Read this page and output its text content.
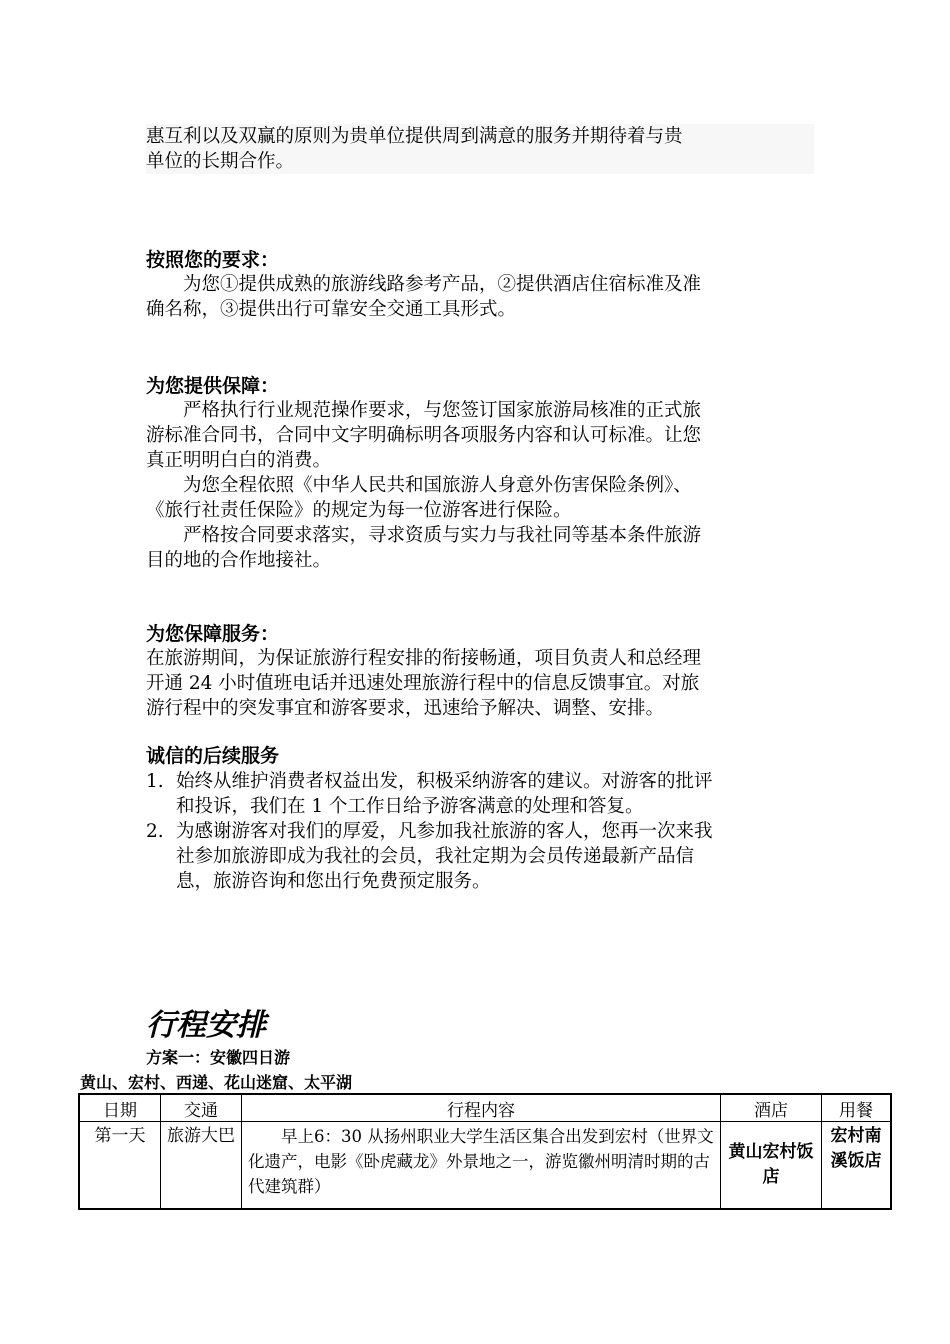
惠互利以及双赢的原则为贵单位提供周到满意的服务并期待着与贵
单位的长期合作。

按照您的要求：

为您①提供成熟的旅游线路参考产品，②提供酒店住宿标准及准
确名称，③提供出行可靠安全交通工具形式。

为您提供保障：

严格执行行业规范操作要求，与您签订国家旅游局核准的正式旅
游标准合同书，合同中文字明确标明各项服务内容和认可标准。让您
真正明明白白的消费。

为您全程依照《中华人民共和国旅游人身意外伤害保险条例》、
《旅行社责任保险》的规定为每一位游客进行保险。

严格按合同要求落实，寻求资质与实力与我社同等基本条件旅游
目的地的合作地接社。

为您保障服务：

在旅游期间，为保证旅游行程安排的衔接畅通，项目负责人和总经理
开通 24 小时值班电话并迅速处理旅游行程中的信息反馈事宜。对旅
游行程中的突发事宜和游客要求，迅速给予解决、调整、安排。

诚信的后续服务
1. 始终从维护消费者权益出发，积极采纳游客的建议。对游客的批评
和投诉，我们在 1 个工作日给予游客满意的处理和答复。
2. 为感谢游客对我们的厚爱，凡参加我社旅游的客人，您再一次来我
社参加旅游即成为我社的会员，我社定期为会员传递最新产品信
息，旅游咨询和您出行免费预定服务。
行程安排

方案一：安徽四日游

黄山、宏村、西递、花山迷窟、太平湖

日期	交通	行程内容	酒店	用餐
第一天	旅游大巴	早上6：30 从扬州职业大学生活区集合出发到宏村（世界文化遗产，电影《卧虎藏龙》外景地之一，游览徽州明清时期的古代建筑群）	黄山宏村饭店	宏村南溪饭店
